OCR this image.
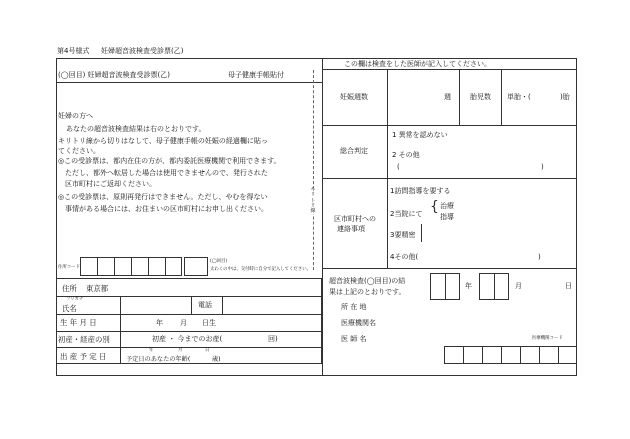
第4号様式 妊婦超音波検査受診票(乙)
この欄は検査をした医師が記入してください。
(◯回目) 妊婦超音波検査受診票(乙)	母子健康手帳貼付
妊婦の方へ
あなたの超音波検査結果は右のとおりです。
キリトリ線から切りはなして、母子健康手帳の妊娠の経過欄に貼っ
てください。
◎この受診票は、都内在住の方が、都内委託医療機関で利用できます。
ただし、都外へ転居した場合は使用できませんので、発行された
区市町村にご返却ください。
◎この受診票は、原則再発行はできません。ただし、やむを得ない
事情がある場合には、お住まいの区市町村にお申し出ください。
キリトリ線
住所コード
(◯回目)
太わくの中は、交付時に自分で記入してください。
住所 東京都
フリガナ
氏名	電話
生 年 月 日	年 月 日生
初産・経産の別	初産 ・ 今までのお産(	回)
出 産 予 定 日
年	月	日
予定日のあなたの年齢(	歳)
妊娠週数	週	胎児数 単胎・(	)胎
総合判定
1 異常を認めない
2 その他
(	)
区市町村への
連絡事項
1訪問指導を要する
2当院にて { 治療
指導
3要精密
4その他(	)
超音波検査(◯回目)の結
果は上記のとおりです。
年	月	日
所 在 地
医療機関名
医 師 名	医療機関コード
